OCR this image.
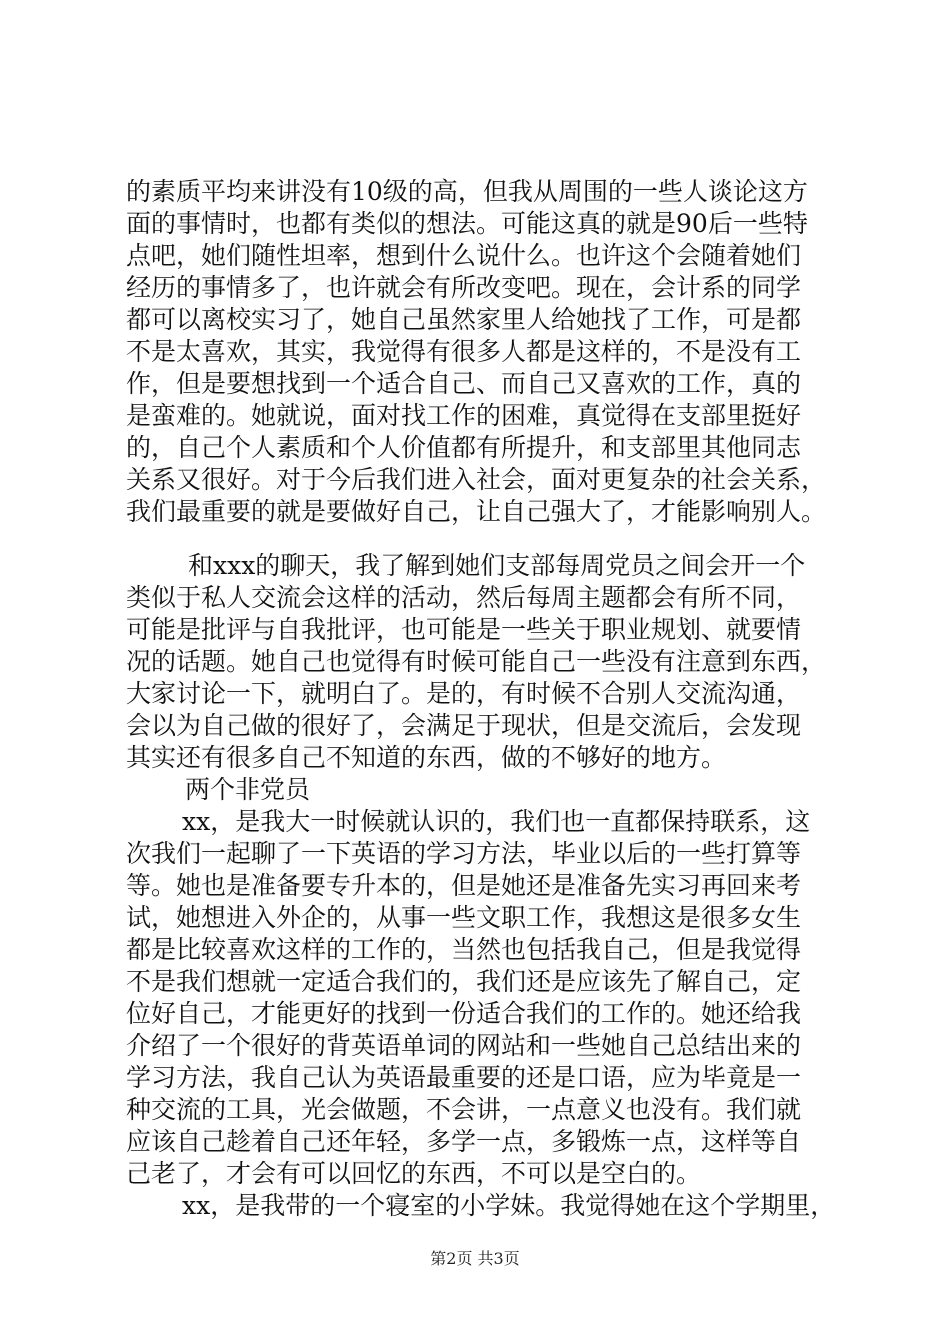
的素质平均来讲没有10级的高，但我从周围的一些人谈论这方
面的事情时，也都有类似的想法。可能这真的就是90后一些特
点吧，她们随性坦率，想到什么说什么。也许这个会随着她们
经历的事情多了，也许就会有所改变吧。现在，会计系的同学
都可以离校实习了，她自己虽然家里人给她找了工作，可是都
不是太喜欢，其实，我觉得有很多人都是这样的，不是没有工
作，但是要想找到一个适合自己、而自己又喜欢的工作，真的
是蛮难的。她就说，面对找工作的困难，真觉得在支部里挺好
的，自己个人素质和个人价值都有所提升，和支部里其他同志
关系又很好。对于今后我们进入社会，面对更复杂的社会关系，
我们最重要的就是要做好自己，让自己强大了，才能影响别人。
和xxx的聊天，我了解到她们支部每周党员之间会开一个
类似于私人交流会这样的活动，然后每周主题都会有所不同，
可能是批评与自我批评，也可能是一些关于职业规划、就要情
况的话题。她自己也觉得有时候可能自己一些没有注意到东西，
大家讨论一下，就明白了。是的，有时候不合别人交流沟通，
会以为自己做的很好了，会满足于现状，但是交流后，会发现
其实还有很多自己不知道的东西，做的不够好的地方。
两个非党员
xx，是我大一时候就认识的，我们也一直都保持联系，这
次我们一起聊了一下英语的学习方法，毕业以后的一些打算等
等。她也是准备要专升本的，但是她还是准备先实习再回来考
试，她想进入外企的，从事一些文职工作，我想这是很多女生
都是比较喜欢这样的工作的，当然也包括我自己，但是我觉得
不是我们想就一定适合我们的，我们还是应该先了解自己，定
位好自己，才能更好的找到一份适合我们的工作的。她还给我
介绍了一个很好的背英语单词的网站和一些她自己总结出来的
学习方法，我自己认为英语最重要的还是口语，应为毕竟是一
种交流的工具，光会做题，不会讲，一点意义也没有。我们就
应该自己趁着自己还年轻，多学一点，多锻炼一点，这样等自
己老了，才会有可以回忆的东西，不可以是空白的。
xx，是我带的一个寝室的小学妹。我觉得她在这个学期里，
第2页 共3页
